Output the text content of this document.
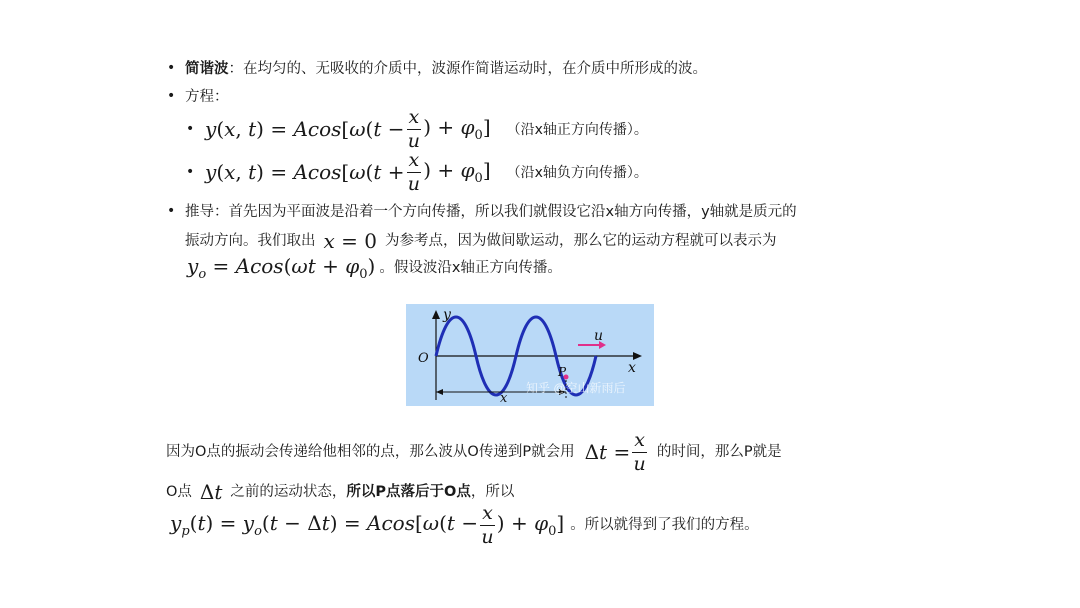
• 简谐波：在均匀的、无吸收的介质中，波源作简谐运动时，在介质中所形成的波。
• 方程：
• y(x, $t) = Acos[\omega(t - \frac{x}{u}$ ) + $\varphi_0$] （沿x轴正方向传播）。
• y(x, $t) = Acos[\omega(t + \frac{x}{u}$ ) + $\varphi_0$] （沿x轴负方向传播）。
• 推导：首先因为平面波是沿着一个方向传播，所以我们就假设它沿x轴方向传播，y轴就是质元的
振动方向。我们取出 x = 0 为参考点，因为做间歇运动，那么它的运动方程就可以表示为
$y_o = Acos(\omega t + \varphi_0)$ 。假设波沿x轴正方向传播。
y
x
O
u
P
x
知乎 @空山新雨后
因为O点的振动会传递给他相邻的点，那么波从O传递到P就会用 $\Delta t = \frac{x}{u}$ 的时间，那么P就是
O点 Δt 之前的运动状态， 所以P点落后于O点 ，所以
$y_p(t) = y_o(t - \Delta t) = Acos[\omega(t - \frac{x}{u}$ ) + $\varphi_0$] 。所以就得到了我们的方程。
